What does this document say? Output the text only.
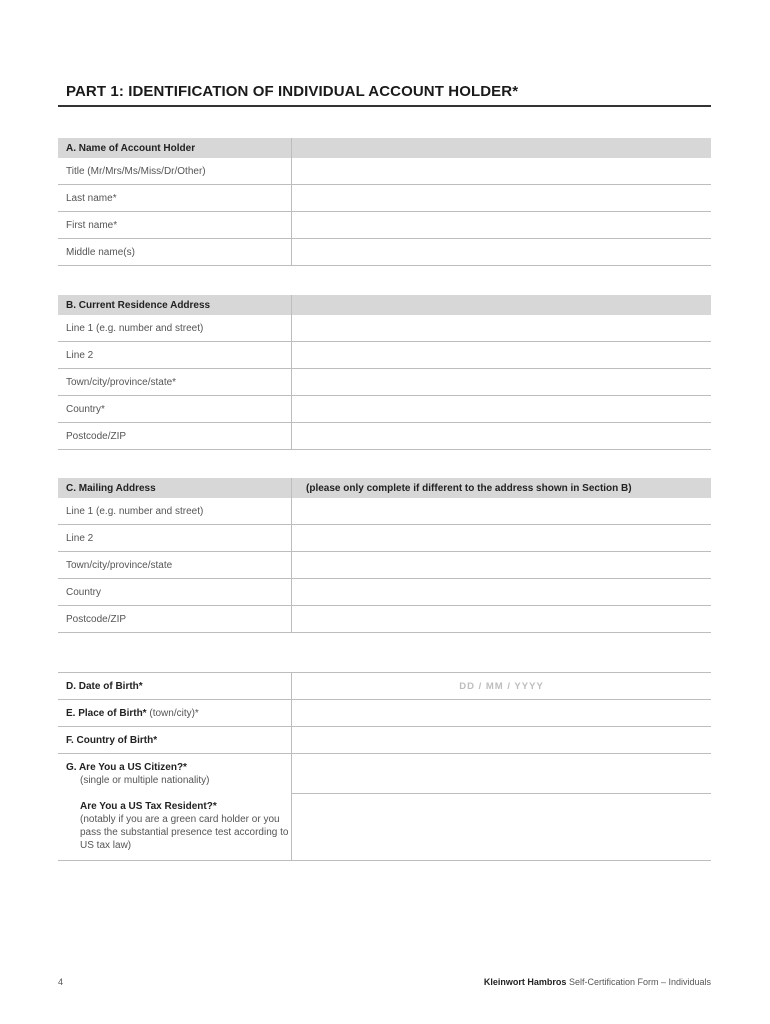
PART 1: IDENTIFICATION OF INDIVIDUAL ACCOUNT HOLDER*
A. Name of Account Holder	
Title (Mr/Mrs/Ms/Miss/Dr/Other)	
Last name*	
First name*	
Middle name(s)	
B. Current Residence Address	
Line 1 (e.g. number and street)	
Line 2	
Town/city/province/state*	
Country*	
Postcode/ZIP	
C. Mailing Address	(please only complete if different to the address shown in Section B)
Line 1 (e.g. number and street)	
Line 2	
Town/city/province/state	
Country	
Postcode/ZIP	
D. Date of Birth*	DD / MM / YYYY
E. Place of Birth* (town/city)*	
F. Country of Birth*	
G. Are You a US Citizen?*
(single or multiple nationality)
Are You a US Tax Resident?*
(notably if you are a green card holder or you pass the substantial presence test according to US tax law)	

4	Kleinwort Hambros Self-Certification Form – Individuals
